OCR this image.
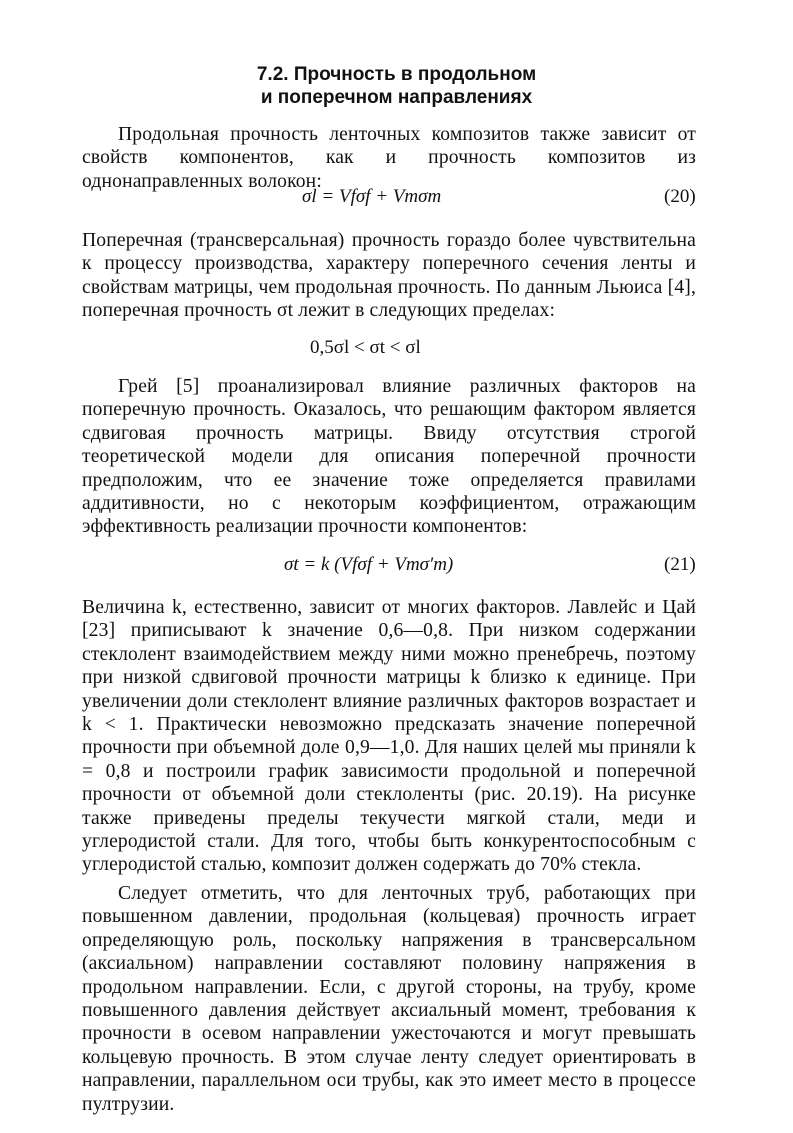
7.2. Прочность в продольном
и поперечном направлениях
Продольная прочность ленточных композитов также зависит от свойств компонентов, как и прочность композитов из однонаправленных волокон:
σl = Vfσf + Vmσm	(20)
Поперечная (трансверсальная) прочность гораздо более чувствительна к процессу производства, характеру поперечного сечения ленты и свойствам матрицы, чем продольная прочность. По данным Льюиса [4], поперечная прочность σt лежит в следующих пределах:
0,5σl < σt < σl
Грей [5] проанализировал влияние различных факторов на поперечную прочность. Оказалось, что решающим фактором является сдвиговая прочность матрицы. Ввиду отсутствия строгой теоретической модели для описания поперечной прочности предположим, что ее значение тоже определяется правилами аддитивности, но с некоторым коэффициентом, отражающим эффективность реализации прочности компонентов:
σt = k (Vfσf + Vmσ′m)	(21)
Величина k, естественно, зависит от многих факторов. Лавлейс и Цай [23] приписывают k значение 0,6—0,8. При низком содержании стеклолент взаимодействием между ними можно пренебречь, поэтому при низкой сдвиговой прочности матрицы k близко к единице. При увеличении доли стеклолент влияние различных факторов возрастает и k < 1. Практически невозможно предсказать значение поперечной прочности при объемной доле 0,9—1,0. Для наших целей мы приняли k = 0,8 и построили график зависимости продольной и поперечной прочности от объемной доли стеклоленты (рис. 20.19). На рисунке также приведены пределы текучести мягкой стали, меди и углеродистой стали. Для того, чтобы быть конкурентоспособным с углеродистой сталью, композит должен содержать до 70% стекла.
Следует отметить, что для ленточных труб, работающих при повышенном давлении, продольная (кольцевая) прочность играет определяющую роль, поскольку напряжения в трансверсальном (аксиальном) направлении составляют половину напряжения в продольном направлении. Если, с другой стороны, на трубу, кроме повышенного давления действует аксиальный момент, требования к прочности в осевом направлении ужесточаются и могут превышать кольцевую прочность. В этом случае ленту следует ориентировать в направлении, параллельном оси трубы, как это имеет место в процессе пултрузии.
